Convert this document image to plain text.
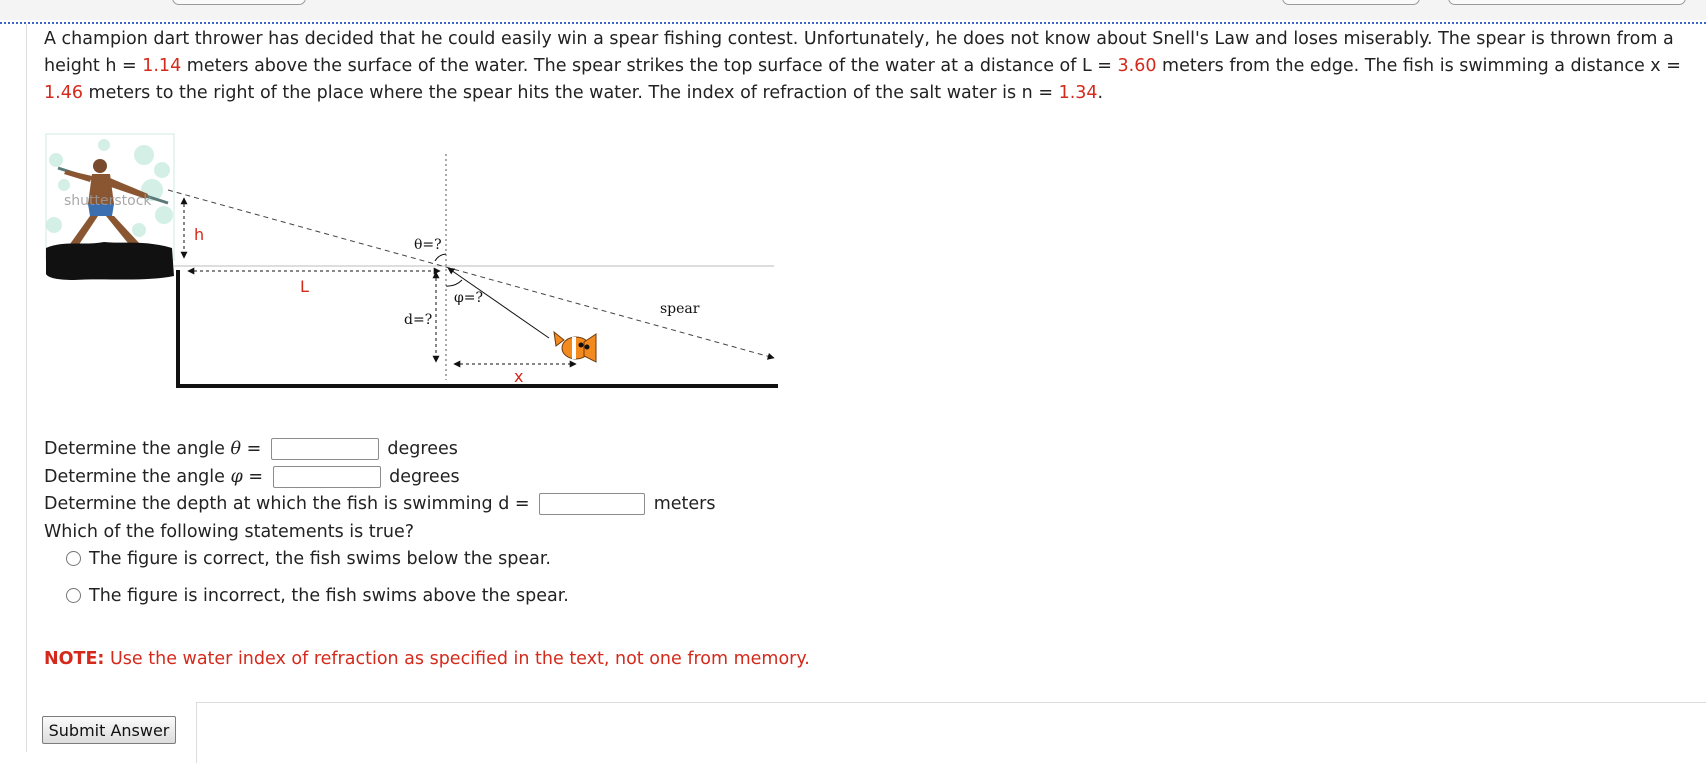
A champion dart thrower has decided that he could easily win a spear fishing contest. Unfortunately, he does not know about Snell's Law and loses miserably. The spear is thrown from a height h = 1.14 meters above the surface of the water. The spear strikes the top surface of the water at a distance of L = 3.60 meters from the edge. The fish is swimming a distance x = 1.46 meters to the right of the place where the spear hits the water. The index of refraction of the salt water is n = 1.34.
shutterstock
h
L
θ=?
φ=?
d=?
x
spear
Determine the angle θ =	degrees
Determine the angle φ =	degrees
Determine the depth at which the fish is swimming d =	meters
Which of the following statements is true?
The figure is correct, the fish swims below the spear.
The figure is incorrect, the fish swims above the spear.
NOTE: Use the water index of refraction as specified in the text, not one from memory.
Submit Answer
